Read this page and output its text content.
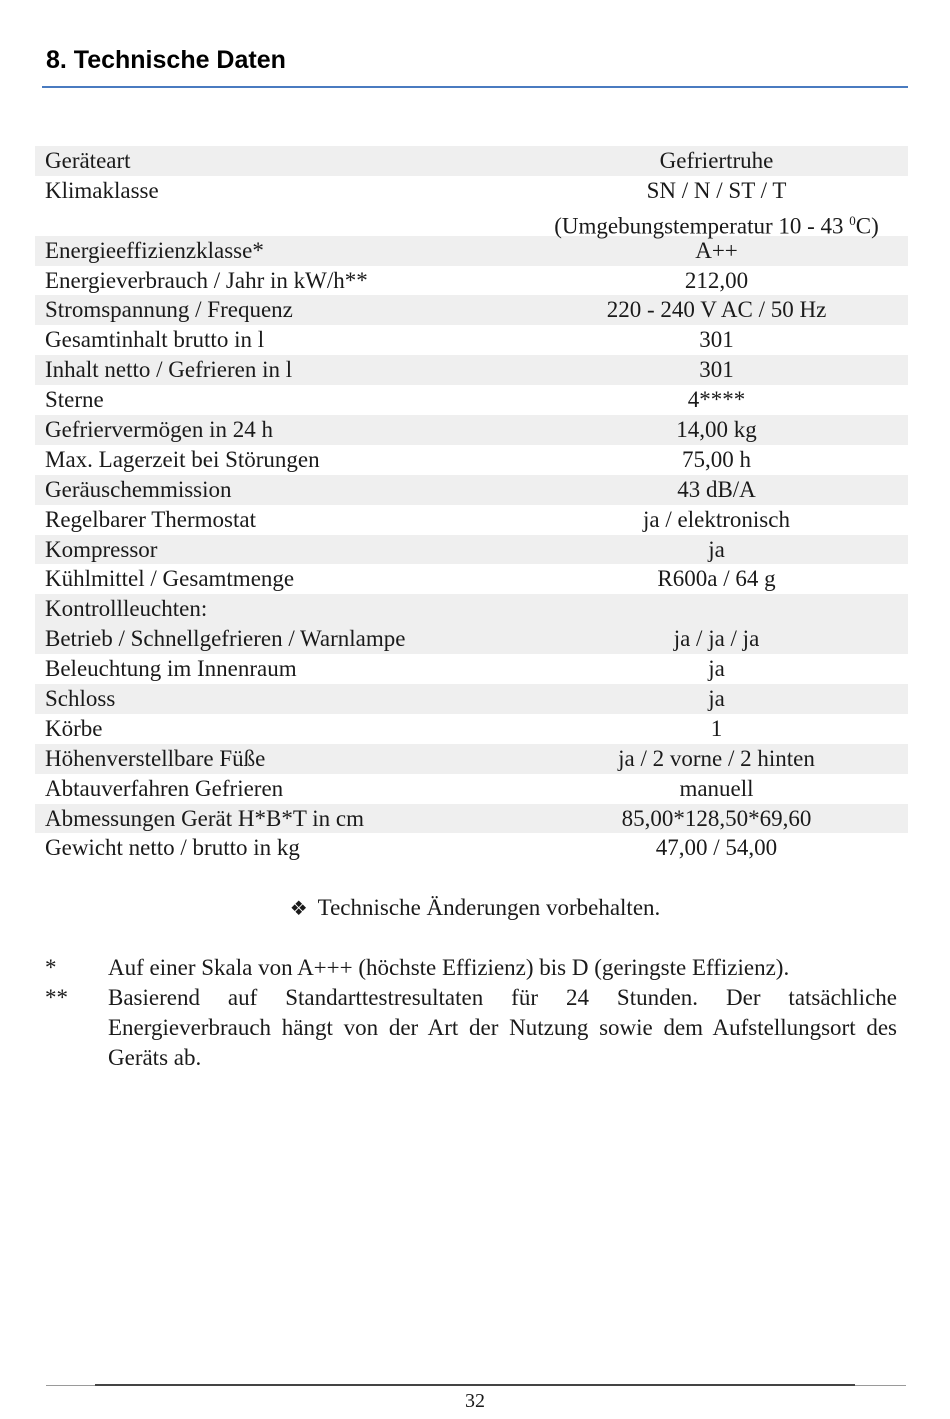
8. Technische Daten
Geräteart	Gefriertruhe
Klimaklasse	SN / N / ST / T
(Umgebungstemperatur 10 - 43 $^0$C)
Energieeffizienzklasse*	A++
Energieverbrauch / Jahr in kW/h**	212,00
Stromspannung / Frequenz	220 - 240 V AC / 50 Hz
Gesamtinhalt brutto in l	301
Inhalt netto / Gefrieren in l	301
Sterne	4****
Gefriervermögen in 24 h	14,00 kg
Max. Lagerzeit bei Störungen	75,00 h
Geräuschemmission	43 dB/A
Regelbarer Thermostat	ja / elektronisch
Kompressor	ja
Kühlmittel / Gesamtmenge	R600a / 64 g
Kontrollleuchten:
Betrieb / Schnellgefrieren / Warnlampe	ja / ja / ja
Beleuchtung im Innenraum	ja
Schloss	ja
Körbe	1
Höhenverstellbare Füße	ja / 2 vorne / 2 hinten
Abtauverfahren Gefrieren	manuell
Abmessungen Gerät H*B*T in cm	85,00*128,50*69,60
Gewicht netto / brutto in kg	47,00 / 54,00
❖ Technische Änderungen vorbehalten.
*	Auf einer Skala von A+++ (höchste Effizienz) bis D (geringste Effizienz).
**	Basierend auf Standarttestresultaten für 24 Stunden. Der tatsächliche Energieverbrauch hängt von der Art der Nutzung sowie dem Aufstellungsort des Geräts ab.
32
